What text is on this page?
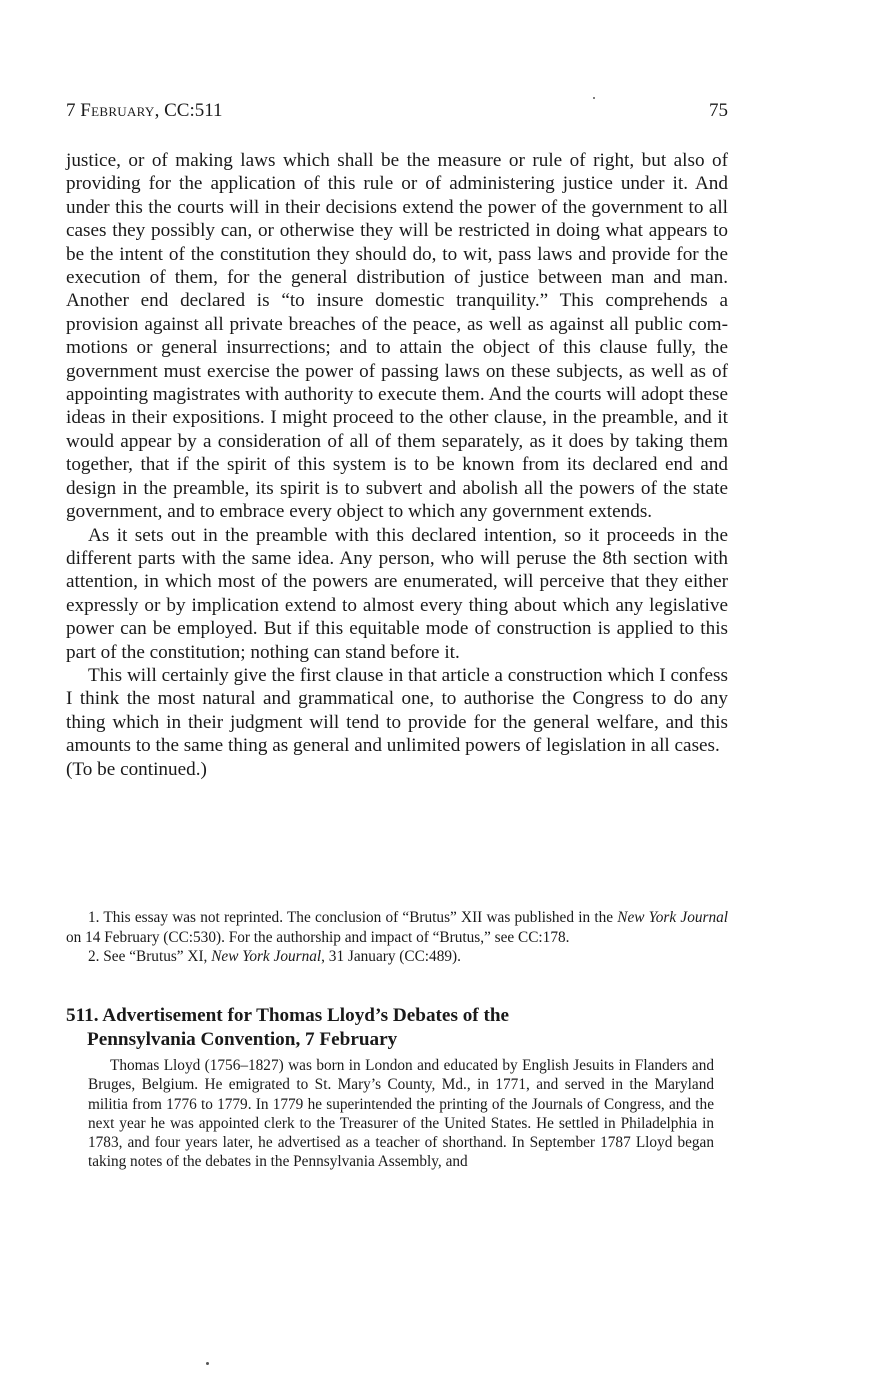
7 February, CC:511	75

justice, or of making laws which shall be the measure or rule of right, but also of providing for the application of this rule or of administering justice under it. And under this the courts will in their decisions extend the power of the government to all cases they possibly can, or otherwise they will be restricted in doing what appears to be the intent of the constitution they should do, to wit, pass laws and provide for the execution of them, for the general distribution of justice between man and man. Another end declared is “to insure domestic tranquility.” This comprehends a provision against all private breaches of the peace, as well as against all public commotions or general insurrections; and to attain the object of this clause fully, the government must exercise the power of passing laws on these subjects, as well as of appointing magistrates with authority to execute them. And the courts will adopt these ideas in their expositions. I might proceed to the other clause, in the preamble, and it would appear by a consideration of all of them separately, as it does by taking them together, that if the spirit of this system is to be known from its declared end and design in the preamble, its spirit is to subvert and abolish all the powers of the state government, and to embrace every object to which any government extends.

As it sets out in the preamble with this declared intention, so it proceeds in the different parts with the same idea. Any person, who will peruse the 8th section with attention, in which most of the powers are enumerated, will perceive that they either expressly or by implication extend to almost every thing about which any legislative power can be employed. But if this equitable mode of construction is applied to this part of the constitution; nothing can stand before it.

This will certainly give the first clause in that article a construction which I confess I think the most natural and grammatical one, to authorise the Congress to do any thing which in their judgment will tend to provide for the general welfare, and this amounts to the same thing as general and unlimited powers of legislation in all cases.

(To be continued.)

1. This essay was not reprinted. The conclusion of “Brutus” XII was published in the New York Journal on 14 February (CC:530). For the authorship and impact of “Brutus,” see CC:178.

2. See “Brutus” XI, New York Journal, 31 January (CC:489).

511. Advertisement for Thomas Lloyd’s Debates of the
Pennsylvania Convention, 7 February

Thomas Lloyd (1756–1827) was born in London and educated by English Jesuits in Flanders and Bruges, Belgium. He emigrated to St. Mary’s County, Md., in 1771, and served in the Maryland militia from 1776 to 1779. In 1779 he superintended the printing of the Journals of Congress, and the next year he was appointed clerk to the Treasurer of the United States. He settled in Philadelphia in 1783, and four years later, he advertised as a teacher of shorthand. In September 1787 Lloyd began taking notes of the debates in the Pennsylvania Assembly, and
